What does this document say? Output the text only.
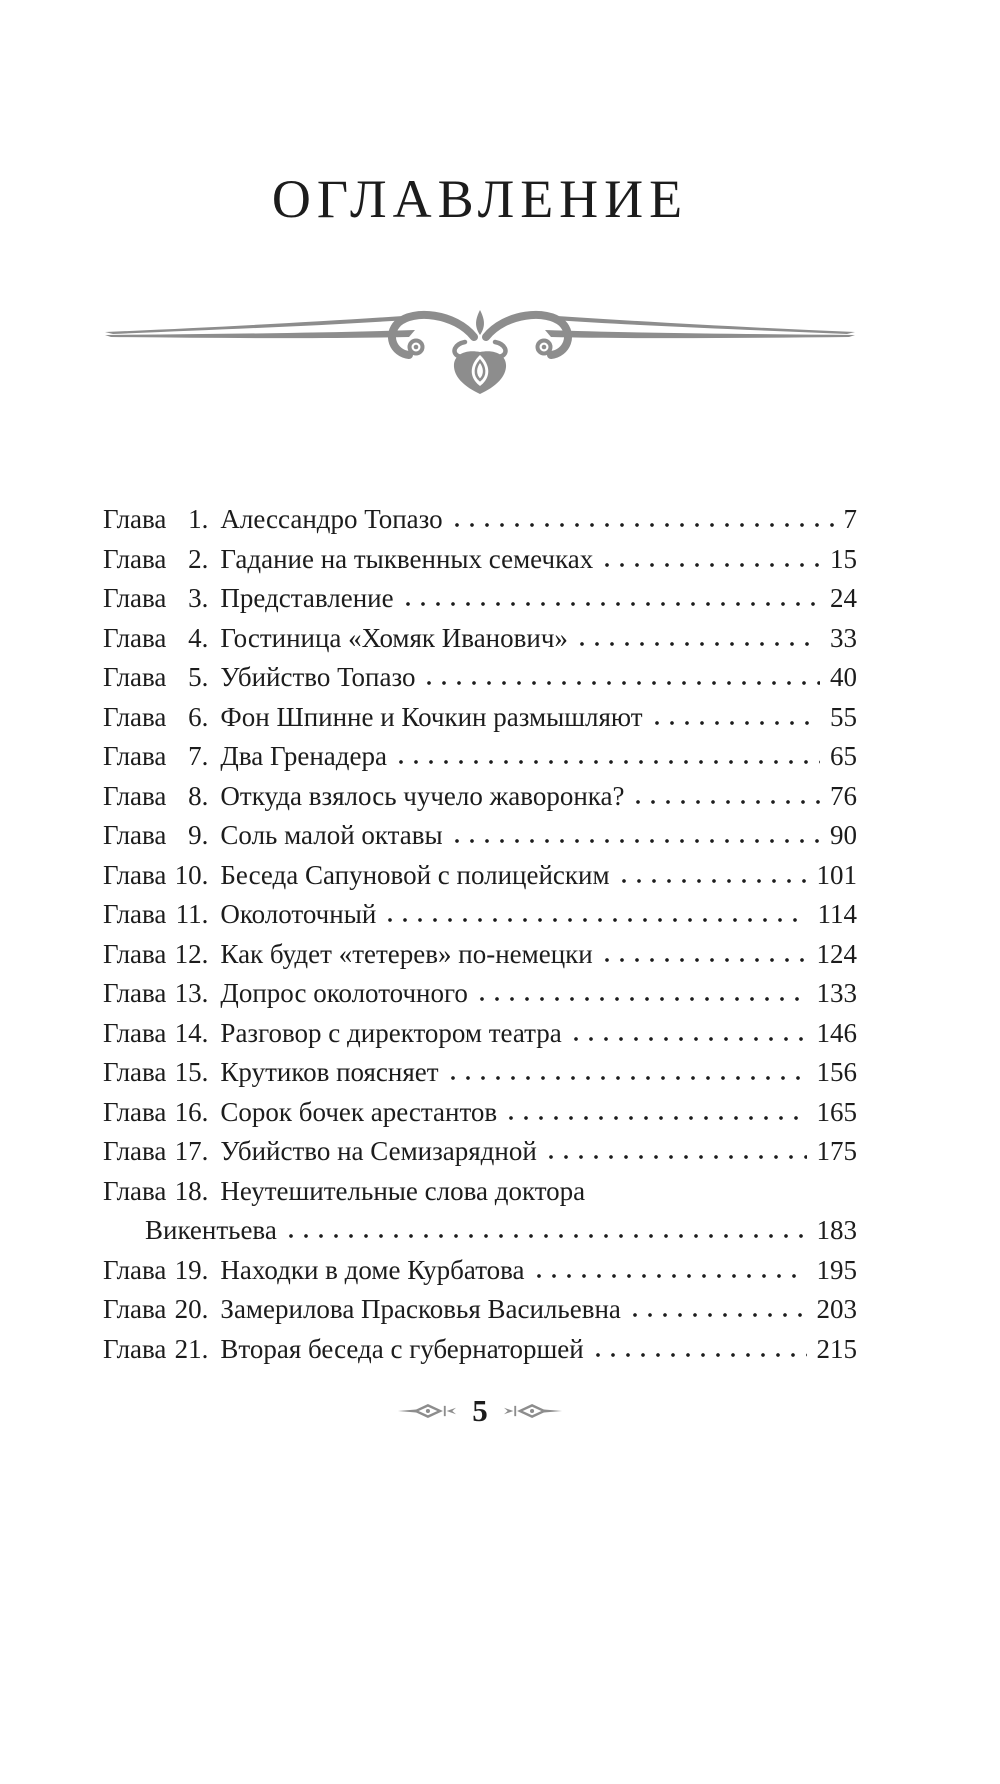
ОГЛАВЛЕНИЕ
Глава 1. Алессандро Топазо	7
Глава 2. Гадание на тыквенных семечках	15
Глава 3. Представление	24
Глава 4. Гостиница «Хомяк Иванович»	33
Глава 5. Убийство Топазо	40
Глава 6. Фон Шпинне и Кочкин размышляют	55
Глава 7. Два Гренадера	65
Глава 8. Откуда взялось чучело жаворонка?	76
Глава 9. Соль малой октавы	90
Глава 10. Беседа Сапуновой с полицейским	101
Глава 11. Околоточный	114
Глава 12. Как будет «тетерев» по-немецки	124
Глава 13. Допрос околоточного	133
Глава 14. Разговор с директором театра	146
Глава 15. Крутиков поясняет	156
Глава 16. Сорок бочек арестантов	165
Глава 17. Убийство на Семизарядной	175
Глава 18. Неутешительные слова доктора
Викентьева	183
Глава 19. Находки в доме Курбатова	195
Глава 20. Замерилова Прасковья Васильевна	203
Глава 21. Вторая беседа с губернаторшей	215
5
